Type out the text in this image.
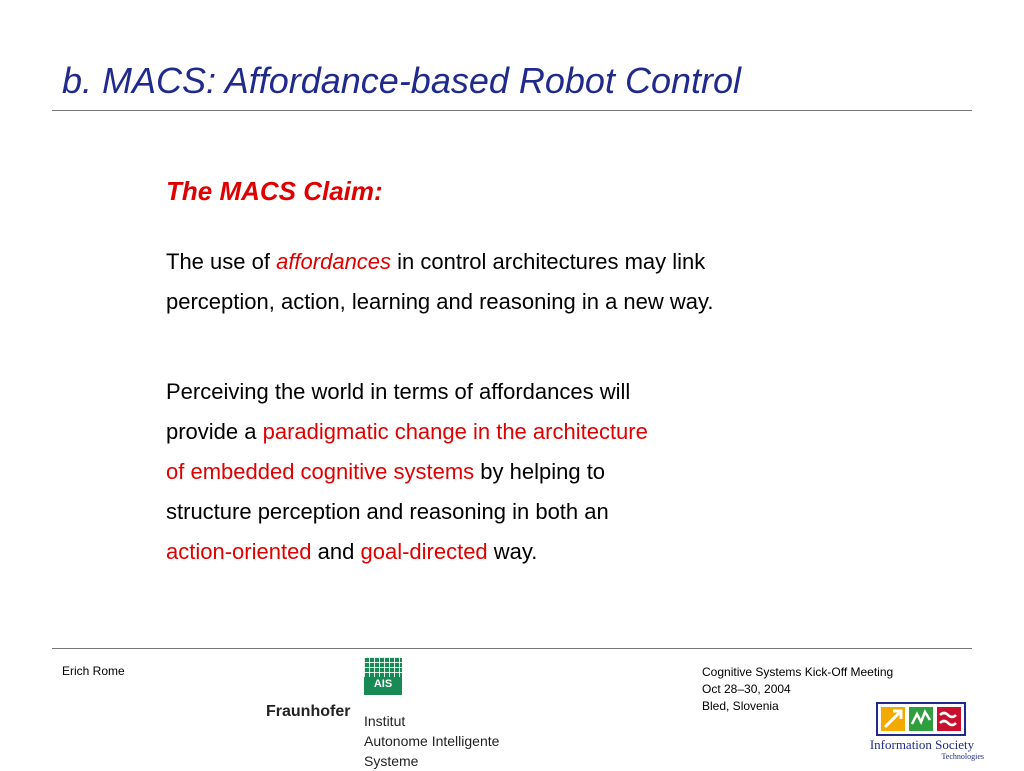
b. MACS: Affordance-based Robot Control
The MACS Claim:
The use of affordances in control architectures may link
perception, action, learning and reasoning in a new way.
Perceiving the world in terms of affordances will
provide a paradigmatic change in the architecture
of embedded cognitive systems by helping to
structure perception and reasoning in both an
action-oriented and goal-directed way.
Erich Rome	Cognitive Systems Kick-Off Meeting
Oct 28–30, 2004
Bled, Slovenia
AIS
Fraunhofer
Institut
Autonome Intelligente
Systeme
Information Society
Technologies
